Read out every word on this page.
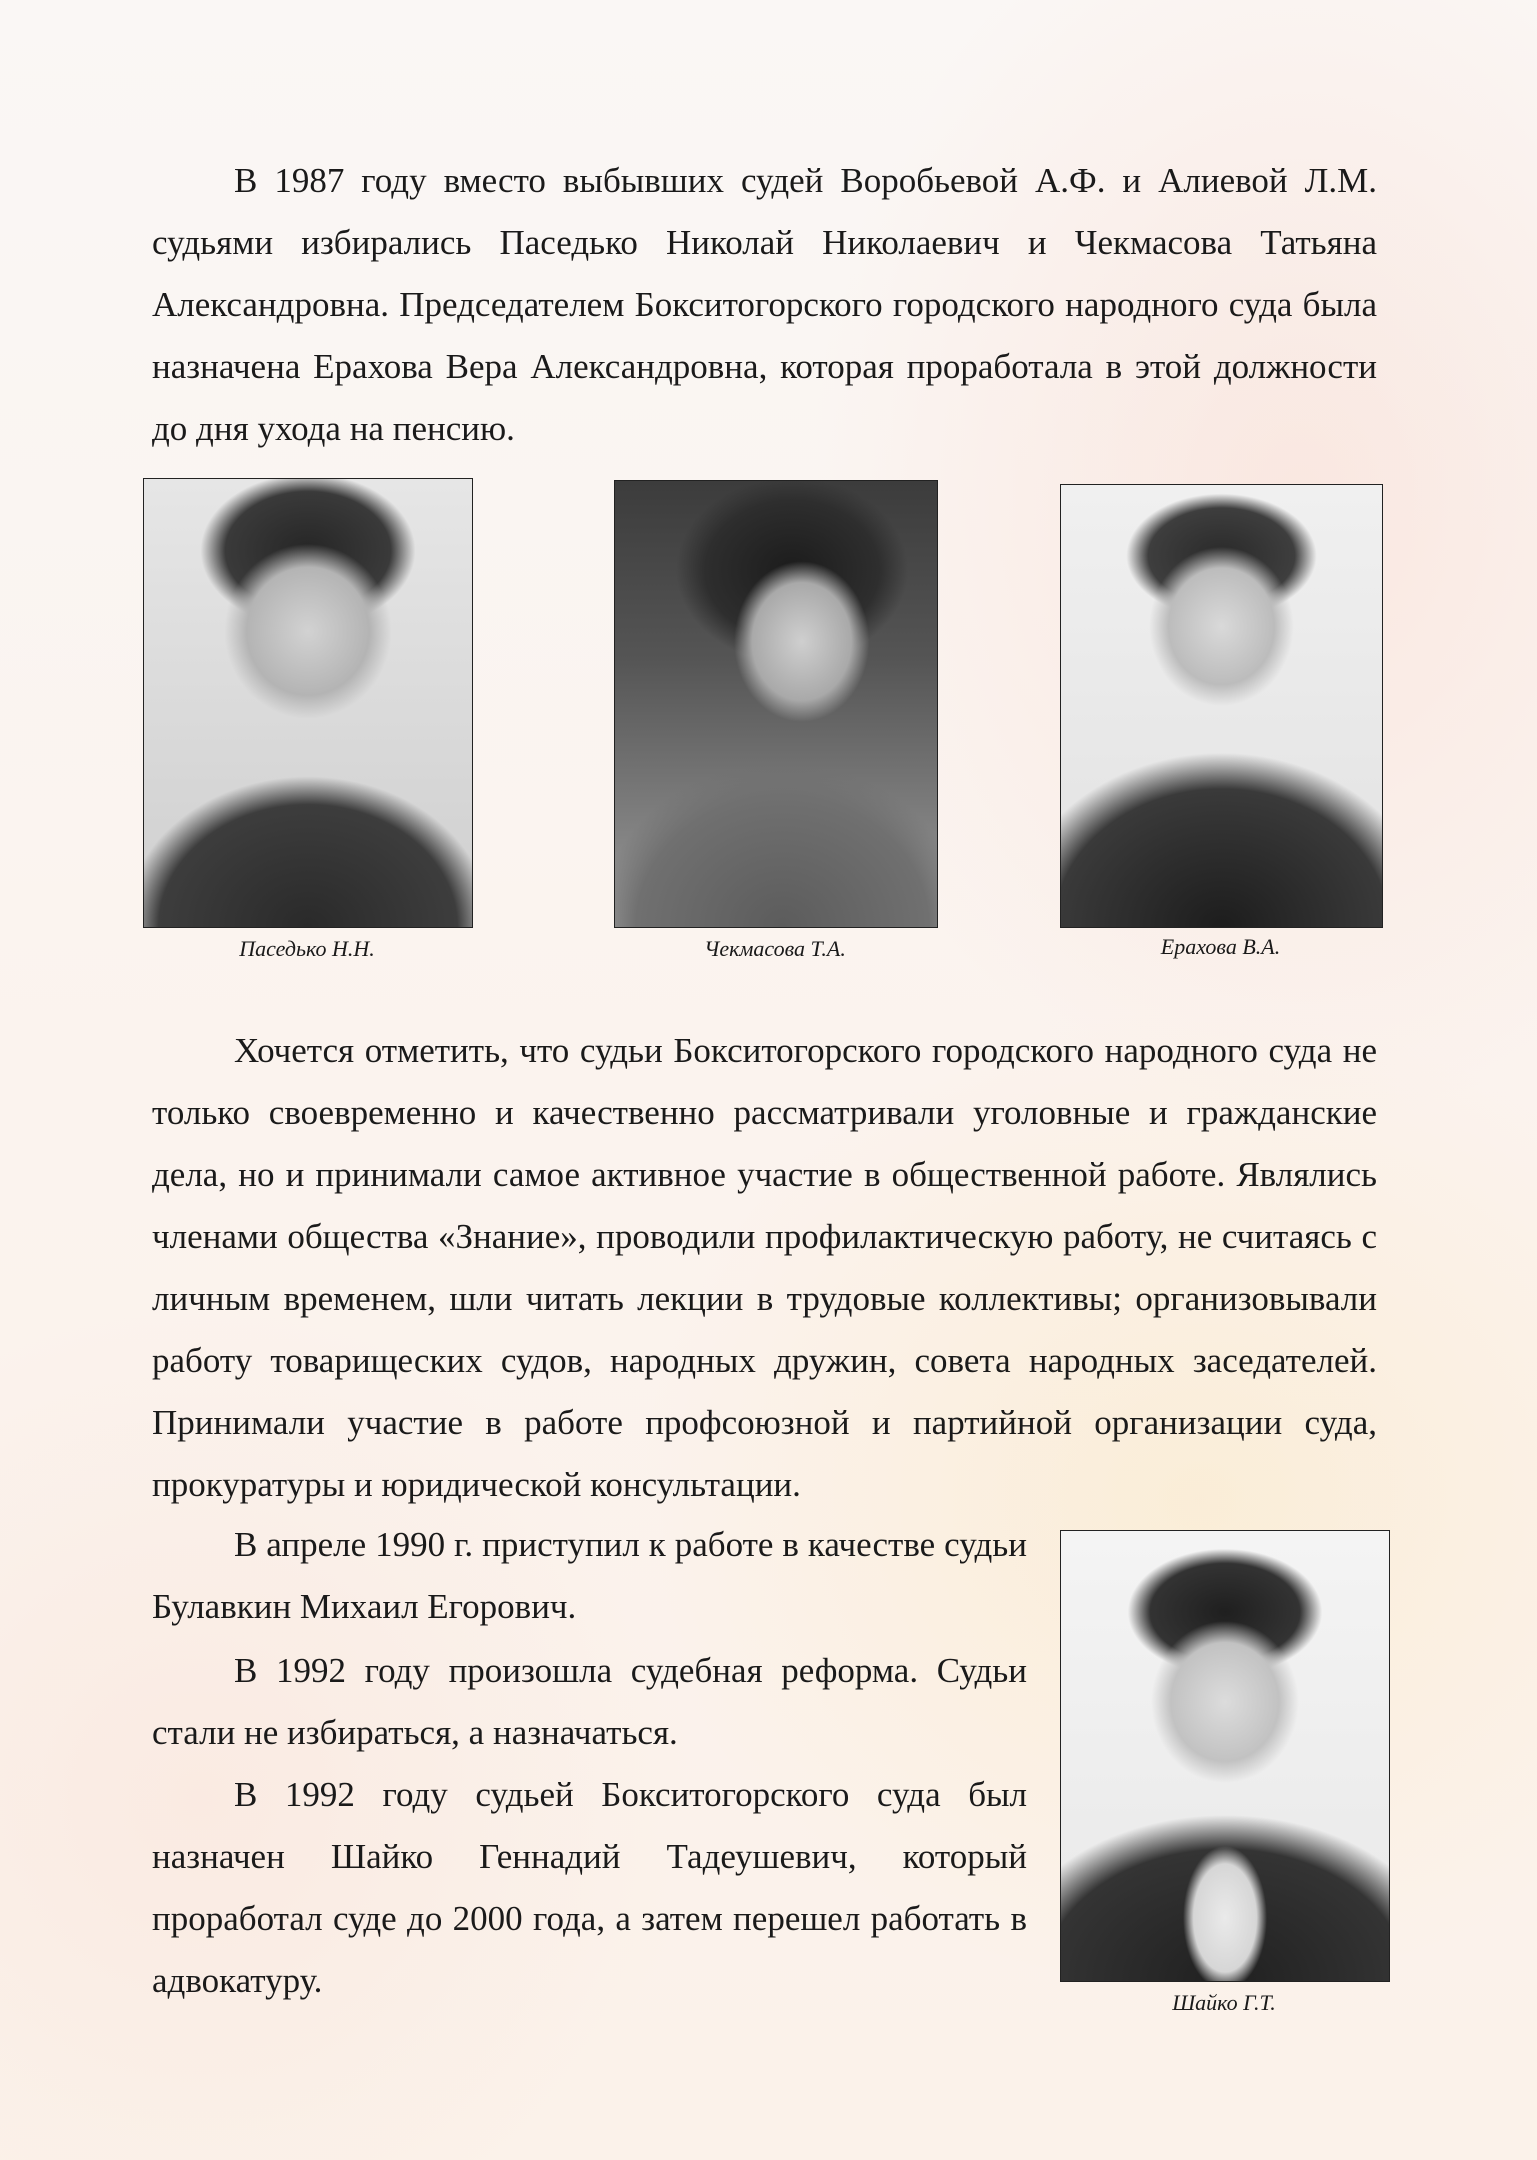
В 1987 году вместо выбывших судей Воробьевой А.Ф. и Алиевой Л.М. судьями избирались Паседько Николай Николаевич и Чекмасова Татьяна Александровна. Председателем Бокситогорского городского народного суда была назначена Ерахова Вера Александровна, которая проработала в этой должности до дня ухода на пенсию.

Паседько Н.Н.	Чекмасова Т.А.	Ерахова В.А.

Хочется отметить, что судьи Бокситогорского городского народного суда не только своевременно и качественно рассматривали уголовные и гражданские дела, но и принимали самое активное участие в общественной работе. Являлись членами общества «Знание», проводили профилактическую работу, не считаясь с личным временем, шли читать лекции в трудовые коллективы; организовывали работу товарищеских судов, народных дружин, совета народных заседателей. Принимали участие в работе профсоюзной и партийной организации суда, прокуратуры и юридической консультации.

В апреле 1990 г. приступил к работе в качестве судьи Булавкин Михаил Егорович.

В 1992 году произошла судебная реформа. Судьи стали не избираться, а назначаться.

В 1992 году судьей Бокситогорского суда был назначен Шайко Геннадий Тадеушевич, который проработал суде до 2000 года, а затем перешел работать в адвокатуру.

Шайко Г.Т.
